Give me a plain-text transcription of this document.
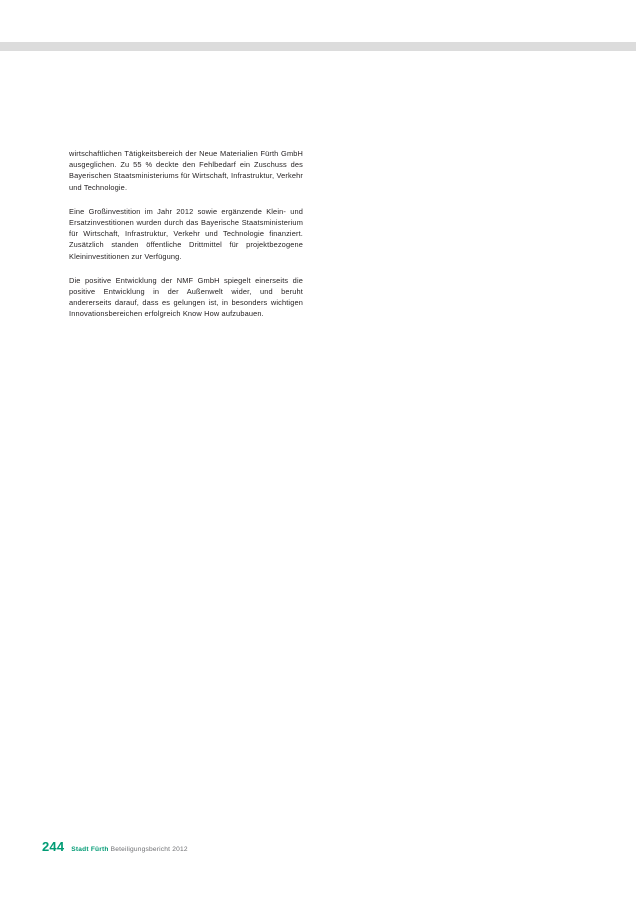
wirtschaftlichen Tätigkeitsbereich der Neue Materialien Fürth GmbH ausgeglichen. Zu 55 % deckte den Fehlbedarf ein Zuschuss des Bayerischen Staatsministeriums für Wirtschaft, Infrastruktur, Verkehr und Technologie.

Eine Großinvestition im Jahr 2012 sowie ergänzende Klein- und Ersatzinvestitionen wurden durch das Bayerische Staatsministerium für Wirtschaft, Infrastruktur, Verkehr und Technologie finanziert. Zusätzlich standen öffentliche Drittmittel für projektbezogene Kleininvestitionen zur Verfügung.

Die positive Entwicklung der NMF GmbH spiegelt einerseits die positive Entwicklung in der Außenwelt wider, und beruht andererseits darauf, dass es gelungen ist, in besonders wichtigen Innovationsbereichen erfolgreich Know How aufzubauen.

244 Stadt Fürth Beteiligungsbericht 2012
